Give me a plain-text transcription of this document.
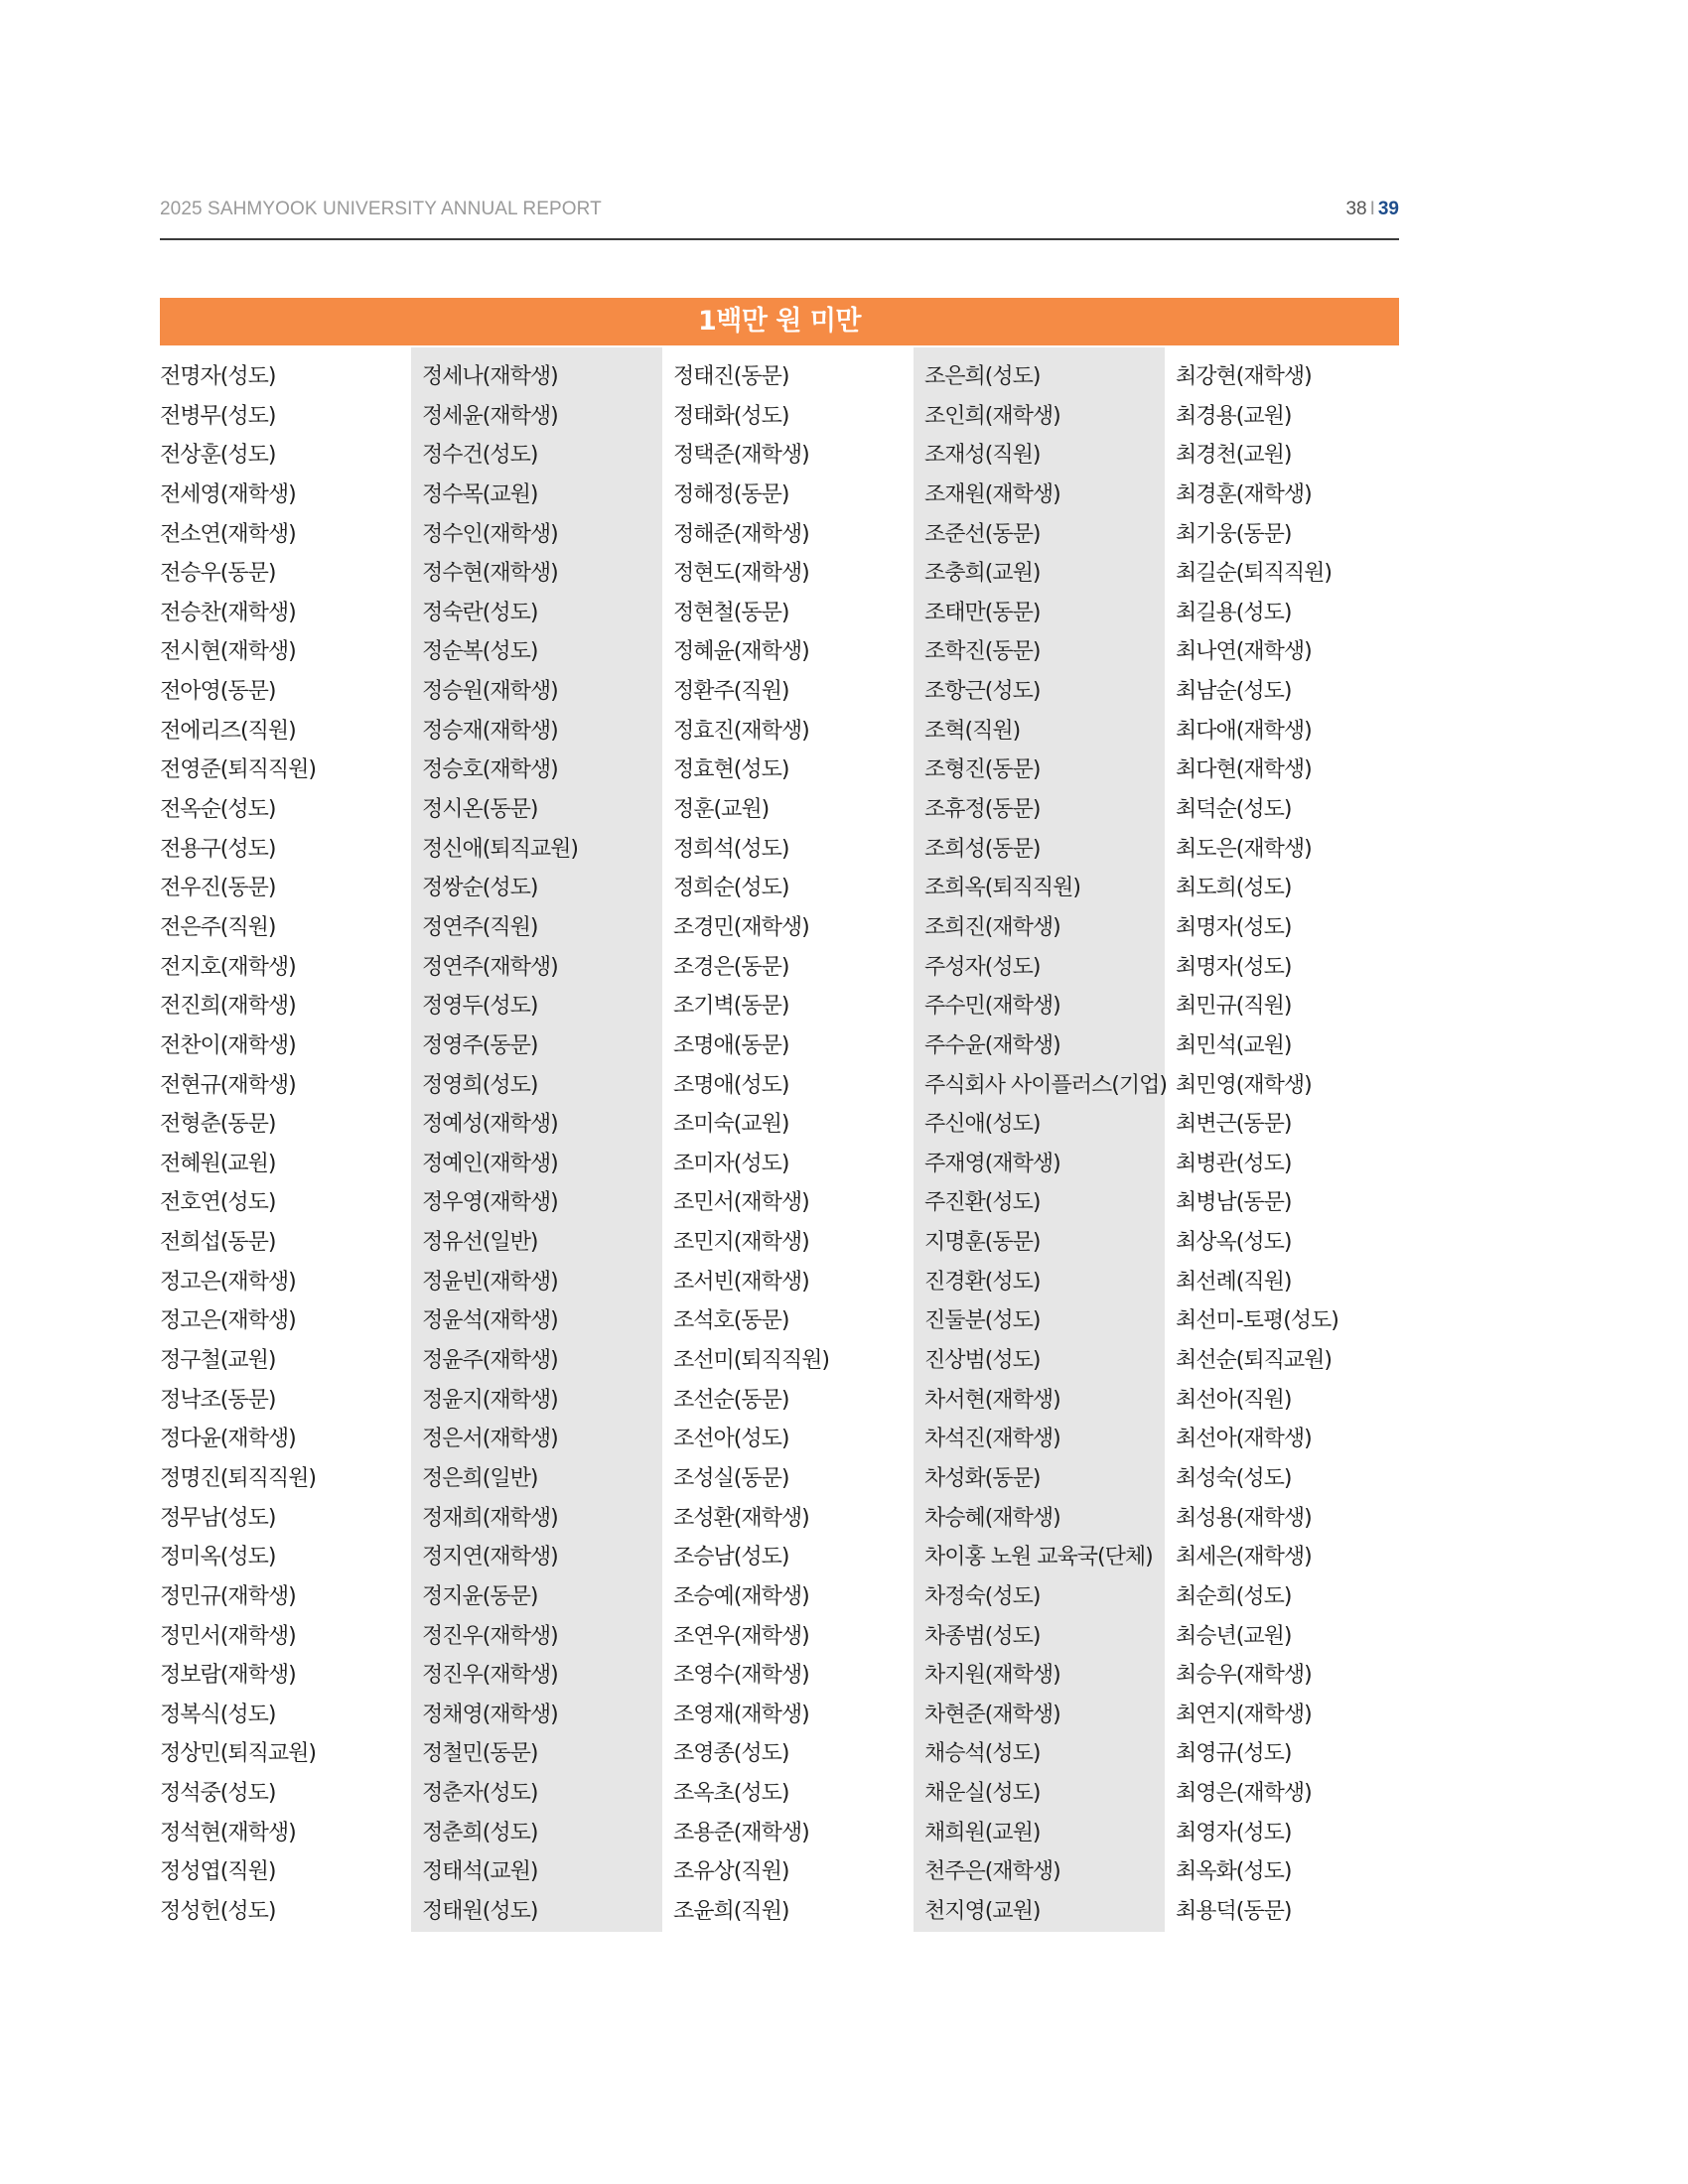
2025 SAHMYOOK UNIVERSITY ANNUAL REPORT	38 I 39
1백만 원 미만
전명자(성도)
전병무(성도)
전상훈(성도)
전세영(재학생)
전소연(재학생)
전승우(동문)
전승찬(재학생)
전시현(재학생)
전아영(동문)
전에리즈(직원)
전영준(퇴직직원)
전옥순(성도)
전용구(성도)
전우진(동문)
전은주(직원)
전지호(재학생)
전진희(재학생)
전찬이(재학생)
전현규(재학생)
전형춘(동문)
전혜원(교원)
전호연(성도)
전희섭(동문)
정고은(재학생)
정고은(재학생)
정구철(교원)
정낙조(동문)
정다윤(재학생)
정명진(퇴직직원)
정무남(성도)
정미옥(성도)
정민규(재학생)
정민서(재학생)
정보람(재학생)
정복식(성도)
정상민(퇴직교원)
정석중(성도)
정석현(재학생)
정성엽(직원)
정성헌(성도)
정세나(재학생)
정세윤(재학생)
정수건(성도)
정수목(교원)
정수인(재학생)
정수현(재학생)
정숙란(성도)
정순복(성도)
정승원(재학생)
정승재(재학생)
정승호(재학생)
정시온(동문)
정신애(퇴직교원)
정쌍순(성도)
정연주(직원)
정연주(재학생)
정영두(성도)
정영주(동문)
정영희(성도)
정예성(재학생)
정예인(재학생)
정우영(재학생)
정유선(일반)
정윤빈(재학생)
정윤석(재학생)
정윤주(재학생)
정윤지(재학생)
정은서(재학생)
정은희(일반)
정재희(재학생)
정지연(재학생)
정지윤(동문)
정진우(재학생)
정진우(재학생)
정채영(재학생)
정철민(동문)
정춘자(성도)
정춘희(성도)
정태석(교원)
정태원(성도)
정태진(동문)
정태화(성도)
정택준(재학생)
정해정(동문)
정해준(재학생)
정현도(재학생)
정현철(동문)
정혜윤(재학생)
정환주(직원)
정효진(재학생)
정효현(성도)
정훈(교원)
정희석(성도)
정희순(성도)
조경민(재학생)
조경은(동문)
조기벽(동문)
조명애(동문)
조명애(성도)
조미숙(교원)
조미자(성도)
조민서(재학생)
조민지(재학생)
조서빈(재학생)
조석호(동문)
조선미(퇴직직원)
조선순(동문)
조선아(성도)
조성실(동문)
조성환(재학생)
조승남(성도)
조승예(재학생)
조연우(재학생)
조영수(재학생)
조영재(재학생)
조영종(성도)
조옥초(성도)
조용준(재학생)
조유상(직원)
조윤희(직원)
조은희(성도)
조인희(재학생)
조재성(직원)
조재원(재학생)
조준선(동문)
조충희(교원)
조태만(동문)
조학진(동문)
조항근(성도)
조혁(직원)
조형진(동문)
조휴정(동문)
조희성(동문)
조희옥(퇴직직원)
조희진(재학생)
주성자(성도)
주수민(재학생)
주수윤(재학생)
주식회사 사이플러스(기업)
주신애(성도)
주재영(재학생)
주진환(성도)
지명훈(동문)
진경환(성도)
진둘분(성도)
진상범(성도)
차서현(재학생)
차석진(재학생)
차성화(동문)
차승혜(재학생)
차이홍 노원 교육국(단체)
차정숙(성도)
차종범(성도)
차지원(재학생)
차현준(재학생)
채승석(성도)
채운실(성도)
채희원(교원)
천주은(재학생)
천지영(교원)
최강현(재학생)
최경용(교원)
최경천(교원)
최경훈(재학생)
최기웅(동문)
최길순(퇴직직원)
최길용(성도)
최나연(재학생)
최남순(성도)
최다애(재학생)
최다현(재학생)
최덕순(성도)
최도은(재학생)
최도희(성도)
최명자(성도)
최명자(성도)
최민규(직원)
최민석(교원)
최민영(재학생)
최변근(동문)
최병관(성도)
최병남(동문)
최상옥(성도)
최선례(직원)
최선미-토평(성도)
최선순(퇴직교원)
최선아(직원)
최선아(재학생)
최성숙(성도)
최성용(재학생)
최세은(재학생)
최순희(성도)
최승년(교원)
최승우(재학생)
최연지(재학생)
최영규(성도)
최영은(재학생)
최영자(성도)
최옥화(성도)
최용덕(동문)
